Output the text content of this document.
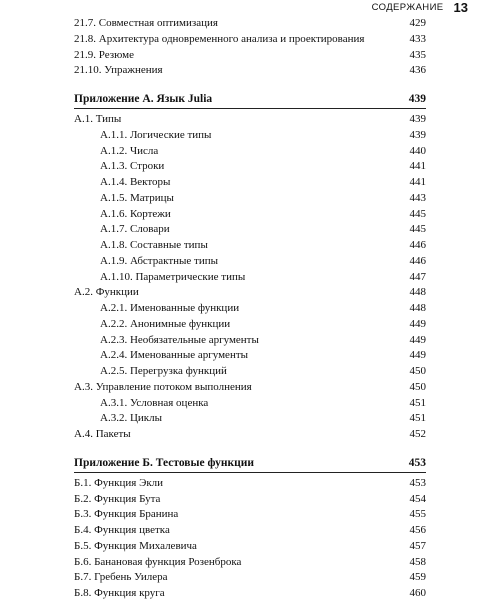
СОДЕРЖАНИЕ 13
21.7. Совместная оптимизация	429
21.8. Архитектура одновременного анализа и проектирования	433
21.9. Резюме	435
21.10. Упражнения	436
Приложение А. Язык Julia	439
А.1. Типы	439
А.1.1. Логические типы	439
А.1.2. Числа	440
А.1.3. Строки	441
А.1.4. Векторы	441
А.1.5. Матрицы	443
А.1.6. Кортежи	445
А.1.7. Словари	445
А.1.8. Составные типы	446
А.1.9. Абстрактные типы	446
А.1.10. Параметрические типы	447
А.2. Функции	448
А.2.1. Именованные функции	448
А.2.2. Анонимные функции	449
А.2.3. Необязательные аргументы	449
А.2.4. Именованные аргументы	449
А.2.5. Перегрузка функций	450
А.3. Управление потоком выполнения	450
А.3.1. Условная оценка	451
А.3.2. Циклы	451
А.4. Пакеты	452
Приложение Б. Тестовые функции	453
Б.1. Функция Экли	453
Б.2. Функция Бута	454
Б.3. Функция Бранина	455
Б.4. Функция цветка	456
Б.5. Функция Михалевича	457
Б.6. Банановая функция Розенброка	458
Б.7. Гребень Уилера	459
Б.8. Функция круга	460
